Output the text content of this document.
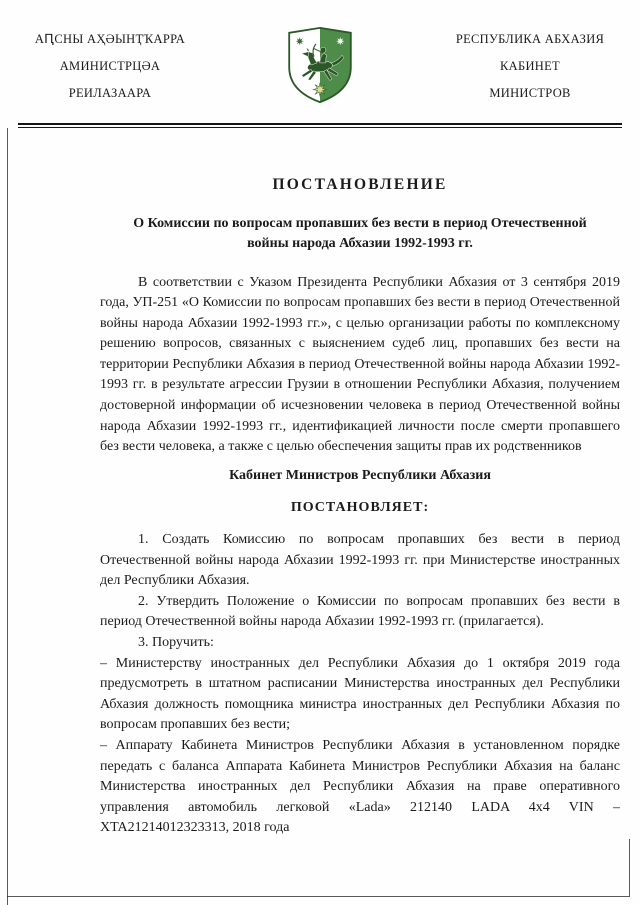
АԤСНЫ АҲӘЫНҬҠАРРА
АМИНИСТРЦӘА
РЕИЛАЗААРА
РЕСПУБЛИКА АБХАЗИЯ
КАБИНЕТ
МИНИСТРОВ
ПОСТАНОВЛЕНИЕ
О Комиссии по вопросам пропавших без вести в период Отечественной войны народа Абхазии 1992-1993 гг.

В соответствии с Указом Президента Республики Абхазия от 3 сентября 2019 года, УП-251 «О Комиссии по вопросам пропавших без вести в период Отечественной войны народа Абхазии 1992-1993 гг.», с целью организации работы по комплексному решению вопросов, связанных с выяснением судеб лиц, пропавших без вести на территории Республики Абхазия в период Отечественной войны народа Абхазии 1992-1993 гг. в результате агрессии Грузии в отношении Республики Абхазия, получением достоверной информации об исчезновении человека в период Отечественной войны народа Абхазии 1992-1993 гг., идентификацией личности после смерти пропавшего без вести человека, а также с целью обеспечения защиты прав их родственников

Кабинет Министров Республики Абхазия

ПОСТАНОВЛЯЕТ:

1. Создать Комиссию по вопросам пропавших без вести в период Отечественной войны народа Абхазии 1992-1993 гг. при Министерстве иностранных дел Республики Абхазия.

2. Утвердить Положение о Комиссии по вопросам пропавших без вести в период Отечественной войны народа Абхазии 1992-1993 гг. (прилагается).

3. Поручить:

– Министерству иностранных дел Республики Абхазия до 1 октября 2019 года предусмотреть в штатном расписании Министерства иностранных дел Республики Абхазия должность помощника министра иностранных дел Республики Абхазия по вопросам пропавших без вести;

– Аппарату Кабинета Министров Республики Абхазия в установленном порядке передать с баланса Аппарата Кабинета Министров Республики Абхазия на баланс Министерства иностранных дел Республики Абхазия на праве оперативного управления автомобиль легковой «Lada» 212140 LADA 4x4 VIN – XTA21214012323313, 2018 года
